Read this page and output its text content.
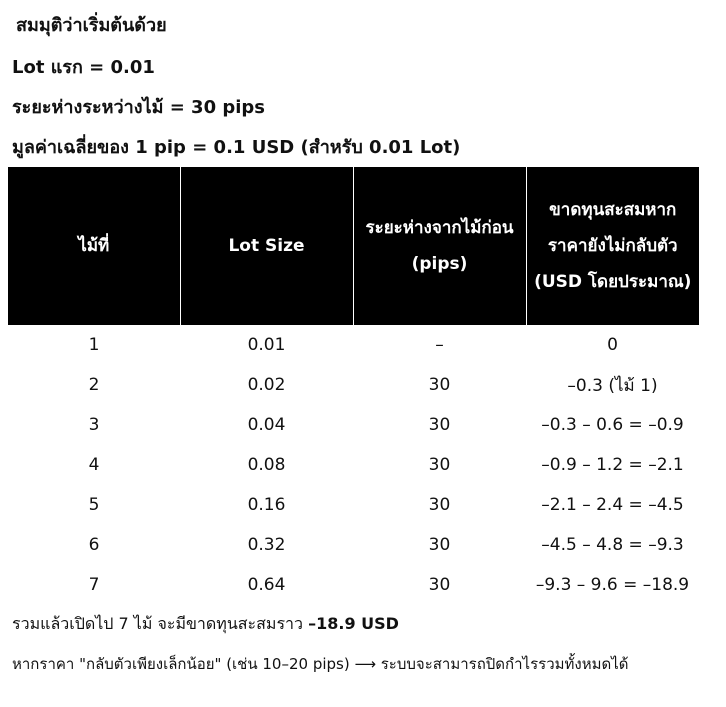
สมมุติว่าเริ่มต้นด้วย
Lot แรก = 0.01
ระยะห่างระหว่างไม้ = 30 pips
มูลค่าเฉลี่ยของ 1 pip = 0.1 USD (สำหรับ 0.01 Lot)
ไม้ที่	Lot Size	ระยะห่างจากไม้ก่อน (pips)	ขาดทุนสะสมหากราคายังไม่กลับตัว (USD โดยประมาณ)
1	0.01	–	0
2	0.02	30	–0.3 (ไม้ 1)
3	0.04	30	–0.3 – 0.6 = –0.9
4	0.08	30	–0.9 – 1.2 = –2.1
5	0.16	30	–2.1 – 2.4 = –4.5
6	0.32	30	–4.5 – 4.8 = –9.3
7	0.64	30	–9.3 – 9.6 = –18.9
รวมแล้วเปิดไป 7 ไม้ จะมีขาดทุนสะสมราว –18.9 USD
หากราคา "กลับตัวเพียงเล็กน้อย" (เช่น 10–20 pips) ⟶ ระบบจะสามารถปิดกำไรรวมทั้งหมดได้
